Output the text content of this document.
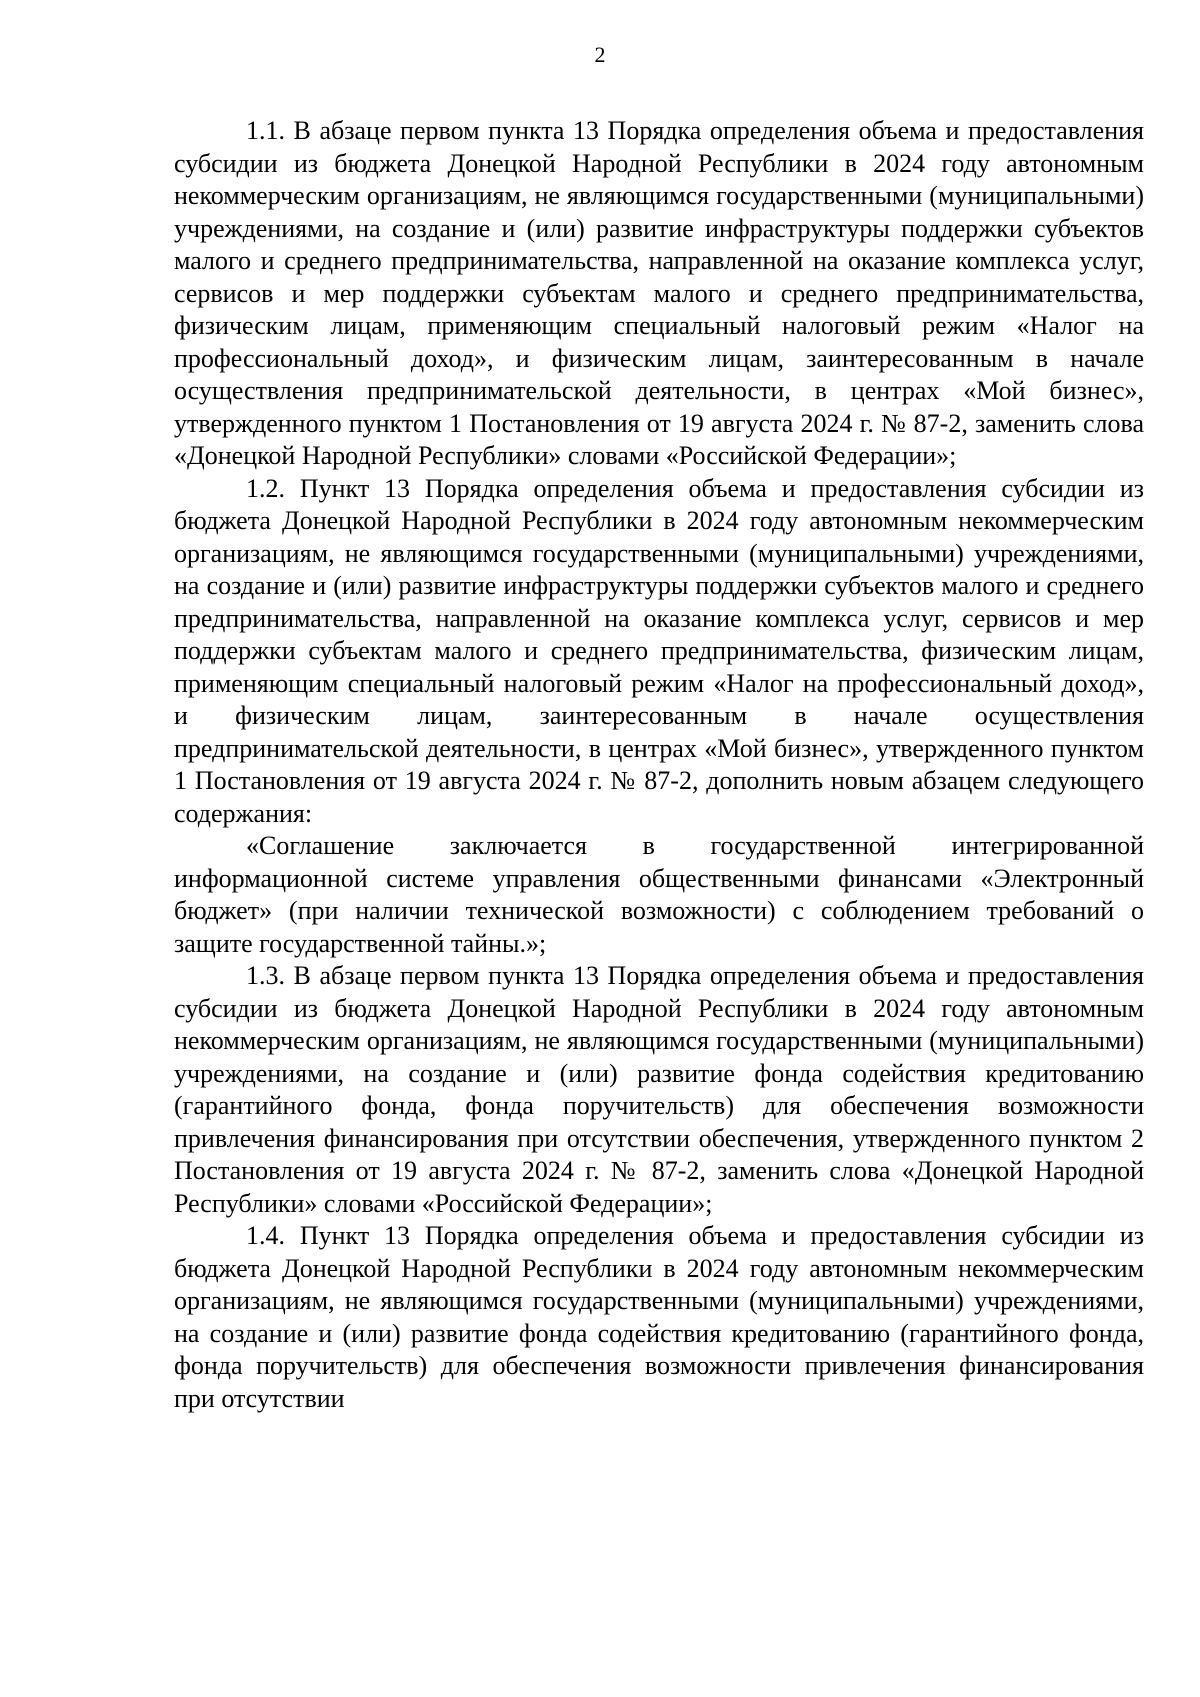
2

1.1. В абзаце первом пункта 13 Порядка определения объема и предоставления субсидии из бюджета Донецкой Народной Республики в 2024 году автономным некоммерческим организациям, не являющимся государственными (муниципальными) учреждениями, на создание и (или) развитие инфраструктуры поддержки субъектов малого и среднего предпринимательства, направленной на оказание комплекса услуг, сервисов и мер поддержки субъектам малого и среднего предпринимательства, физическим лицам, применяющим специальный налоговый режим «Налог на профессиональный доход», и физическим лицам, заинтересованным в начале осуществления предпринимательской деятельности, в центрах «Мой бизнес», утвержденного пунктом 1 Постановления от 19 августа 2024 г. № 87-2, заменить слова «Донецкой Народной Республики» словами «Российской Федерации»;

1.2. Пункт 13 Порядка определения объема и предоставления субсидии из бюджета Донецкой Народной Республики в 2024 году автономным некоммерческим организациям, не являющимся государственными (муниципальными) учреждениями, на создание и (или) развитие инфраструктуры поддержки субъектов малого и среднего предпринимательства, направленной на оказание комплекса услуг, сервисов и мер поддержки субъектам малого и среднего предпринимательства, физическим лицам, применяющим специальный налоговый режим «Налог на профессиональный доход», и физическим лицам, заинтересованным в начале осуществления предпринимательской деятельности, в центрах «Мой бизнес», утвержденного пунктом 1 Постановления от 19 августа 2024 г. № 87-2, дополнить новым абзацем следующего содержания:

«Соглашение заключается в государственной интегрированной информационной системе управления общественными финансами «Электронный бюджет» (при наличии технической возможности) с соблюдением требований о защите государственной тайны.»;

1.3. В абзаце первом пункта 13 Порядка определения объема и предоставления субсидии из бюджета Донецкой Народной Республики в 2024 году автономным некоммерческим организациям, не являющимся государственными (муниципальными) учреждениями, на создание и (или) развитие фонда содействия кредитованию (гарантийного фонда, фонда поручительств) для обеспечения возможности привлечения финансирования при отсутствии обеспечения, утвержденного пунктом 2 Постановления от 19 августа 2024 г. № 87-2, заменить слова «Донецкой Народной Республики» словами «Российской Федерации»;

1.4. Пункт 13 Порядка определения объема и предоставления субсидии из бюджета Донецкой Народной Республики в 2024 году автономным некоммерческим организациям, не являющимся государственными (муниципальными) учреждениями, на создание и (или) развитие фонда содействия кредитованию (гарантийного фонда, фонда поручительств) для обеспечения возможности привлечения финансирования при отсутствии
